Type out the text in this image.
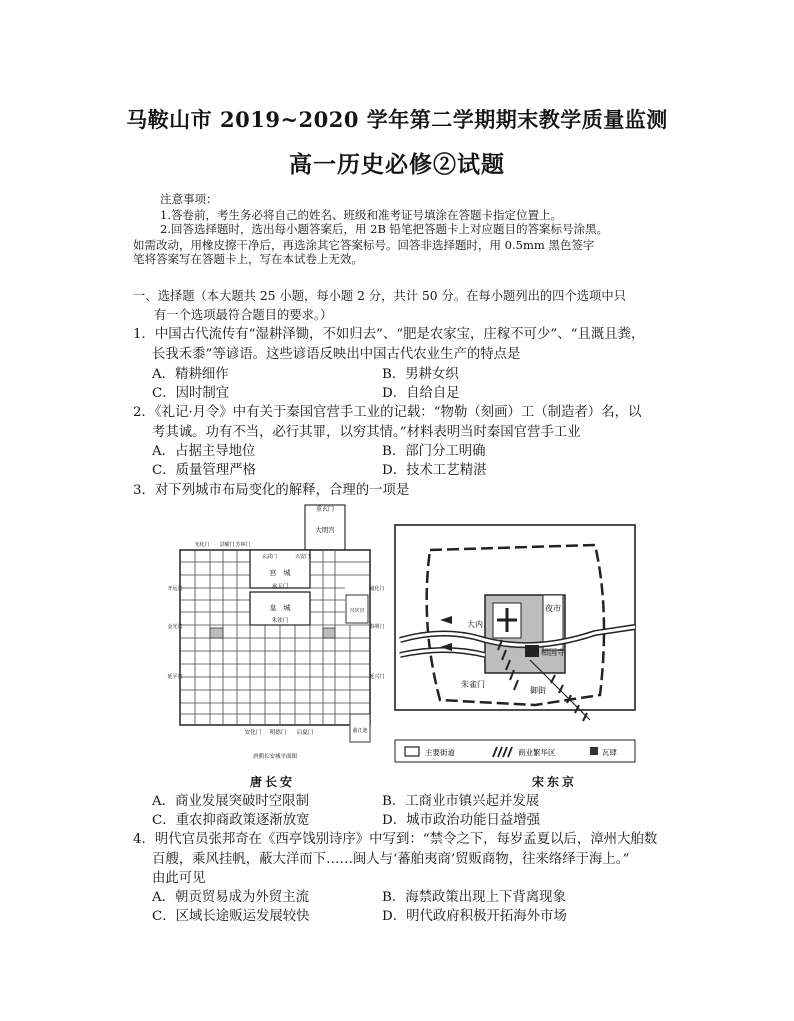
马鞍山市 2019~2020 学年第二学期期末教学质量监测
高一历史必修②试题
注意事项：
1.答卷前，考生务必将自己的姓名、班级和准考证号填涂在答题卡指定位置上。
2.回答选择题时，选出每小题答案后，用 2B 铅笔把答题卡上对应题目的答案标号涂黑。
如需改动，用橡皮擦干净后，再选涂其它答案标号。回答非选择题时，用 0.5mm 黑色签字
笔将答案写在答题卡上，写在本试卷上无效。
一、选择题（本大题共 25 小题，每小题 2 分，共计 50 分。在每小题列出的四个选项中只
有一个选项最符合题目的要求。）
1．中国古代流传有“湿耕泽锄，不如归去”、“肥是农家宝，庄稼不可少”、“且溉且粪，
长我禾黍”等谚语。这些谚语反映出中国古代农业生产的特点是
A．精耕细作	B．男耕女织
C．因时制宜	D．自给自足
2．《礼记·月令》中有关于秦国官营手工业的记载：“物勒（刻画）工（制造者）名，以
考其诚。功有不当，必行其罪，以穷其情。”材料表明当时秦国官营手工业
A．占据主导地位	B．部门分工明确
C．质量管理严格	D．技术工艺精湛
3．对下列城市布局变化的解释，合理的一项是
重玄门
大明宫
宫　城
承天门
皇　城
朱雀门
兴庆宫
曲江池
玄武门	兴安门
光化门 景曜门 芳林门
开远门
金光门
延平门
通化门
春明门
延兴门
安化门 明德门 启夏门
唐朝长安城平面图
唐长安
大内
夜市
相国寺
朱雀门
御街
主要街道	商业繁华区	瓦肆
宋东京
A．商业发展突破时空限制	B．工商业市镇兴起并发展
C．重农抑商政策逐渐放宽	D．城市政治功能日益增强
4．明代官员张邦奇在《西亭饯别诗序》中写到：“禁令之下，每岁孟夏以后，漳州大舶数
百艘，乘风挂帆，蔽大洋而下……闽人与‘蕃舶夷商’贸贩商物，往来络绎于海上。”
由此可见
A．朝贡贸易成为外贸主流	B．海禁政策出现上下背离现象
C．区域长途贩运发展较快	D．明代政府积极开拓海外市场
